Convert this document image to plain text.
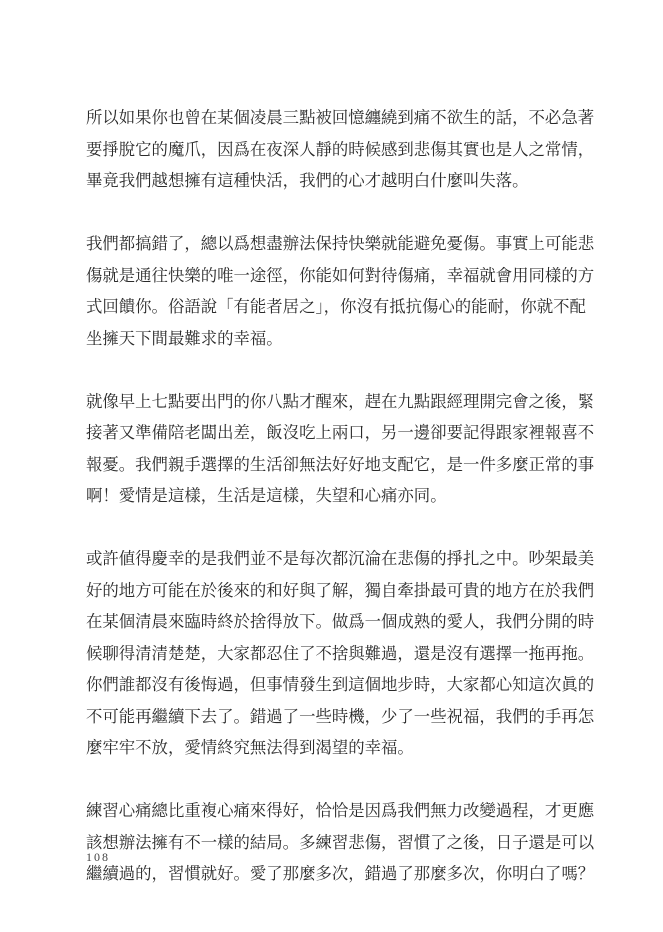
所以如果你也曾在某個凌晨三點被回憶纏繞到痛不欲生的話，不必急著
要掙脫它的魔爪，因爲在夜深人靜的時候感到悲傷其實也是人之常情，
畢竟我們越想擁有這種快活，我們的心才越明白什麼叫失落。

我們都搞錯了，總以爲想盡辦法保持快樂就能避免憂傷。事實上可能悲
傷就是通往快樂的唯一途徑，你能如何對待傷痛，幸福就會用同樣的方
式回饋你。俗語說「有能者居之」，你沒有抵抗傷心的能耐，你就不配
坐擁天下間最難求的幸福。

就像早上七點要出門的你八點才醒來，趕在九點跟經理開完會之後，緊
接著又準備陪老闆出差，飯沒吃上兩口，另一邊卻要記得跟家裡報喜不
報憂。我們親手選擇的生活卻無法好好地支配它，是一件多麼正常的事
啊！愛情是這樣，生活是這樣，失望和心痛亦同。

或許値得慶幸的是我們並不是每次都沉淪在悲傷的掙扎之中。吵架最美
好的地方可能在於後來的和好與了解，獨自牽掛最可貴的地方在於我們
在某個清晨來臨時終於捨得放下。做爲一個成熟的愛人，我們分開的時
候聊得清清楚楚，大家都忍住了不捨與難過，還是沒有選擇一拖再拖。
你們誰都沒有後悔過，但事情發生到這個地步時，大家都心知這次眞的
不可能再繼續下去了。錯過了一些時機，少了一些祝福，我們的手再怎
麼牢牢不放，愛情終究無法得到渴望的幸福。

練習心痛總比重複心痛來得好，恰恰是因爲我們無力改變過程，才更應
該想辦法擁有不一樣的結局。多練習悲傷，習慣了之後，日子還是可以
繼續過的，習慣就好。愛了那麼多次，錯過了那麼多次，你明白了嗎？

108
